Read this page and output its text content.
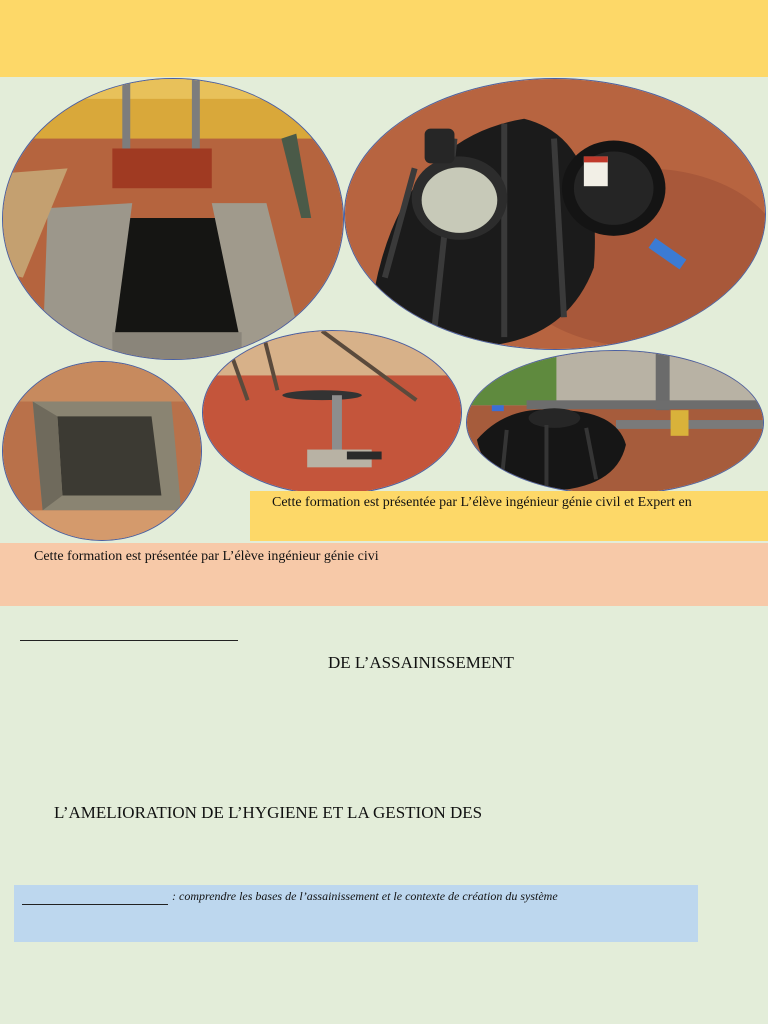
Cette formation est présentée par L’élève ingénieur génie civil et Expert en
Cette formation est présentée par L’élève ingénieur génie civi
DE L’ASSAINISSEMENT
L’AMELIORATION DE L’HYGIENE ET LA GESTION DES
: comprendre les bases de l’assainissement et le contexte de création du système
